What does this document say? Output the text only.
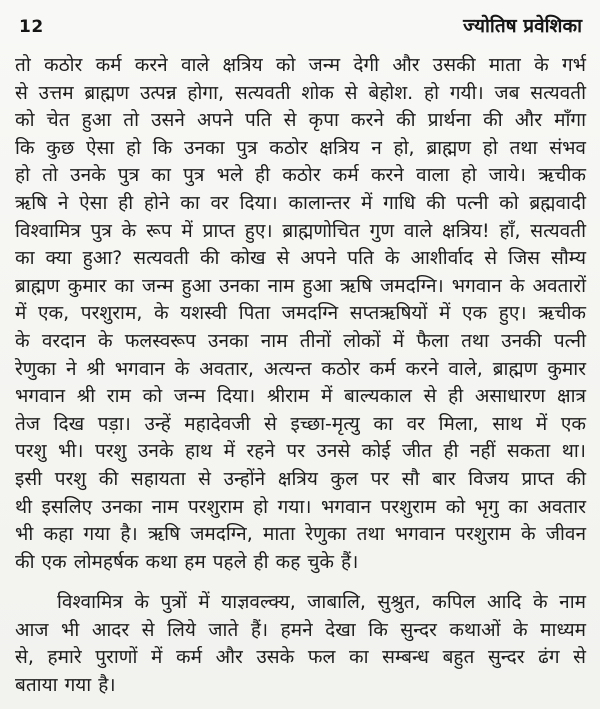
12	ज्योतिष प्रवेशिका
तो कठोर कर्म करने वाले क्षत्रिय को जन्म देगी और उसकी माता के गर्भ
से उत्तम ब्राह्मण उत्पन्न होगा, सत्यवती शोक से बेहोश. हो गयी। जब सत्यवती
को चेत हुआ तो उसने अपने पति से कृपा करने की प्रार्थना की और माँगा
कि कुछ ऐसा हो कि उनका पुत्र कठोर क्षत्रिय न हो, ब्राह्मण हो तथा संभव
हो तो उनके पुत्र का पुत्र भले ही कठोर कर्म करने वाला हो जाये। ऋचीक
ऋषि ने ऐसा ही होने का वर दिया। कालान्तर में गाधि की पत्नी को ब्रह्मवादी
विश्वामित्र पुत्र के रूप में प्राप्त हुए। ब्राह्मणोचित गुण वाले क्षत्रिय! हाँ, सत्यवती
का क्या हुआ? सत्यवती की कोख से अपने पति के आशीर्वाद से जिस सौम्य
ब्राह्मण कुमार का जन्म हुआ उनका नाम हुआ ऋषि जमदग्नि। भगवान के अवतारों
में एक, परशुराम, के यशस्वी पिता जमदग्नि सप्तऋषियों में एक हुए। ऋचीक
के वरदान के फलस्वरूप उनका नाम तीनों लोकों में फैला तथा उनकी पत्नी
रेणुका ने श्री भगवान के अवतार, अत्यन्त कठोर कर्म करने वाले, ब्राह्मण कुमार
भगवान श्री राम को जन्म दिया। श्रीराम में बाल्यकाल से ही असाधारण क्षात्र
तेज दिख पड़ा। उन्हें महादेवजी से इच्छा-मृत्यु का वर मिला, साथ में एक
परशु भी। परशु उनके हाथ में रहने पर उनसे कोई जीत ही नहीं सकता था।
इसी परशु की सहायता से उन्होंने क्षत्रिय कुल पर सौ बार विजय प्राप्त की
थी इसलिए उनका नाम परशुराम हो गया। भगवान परशुराम को भृगु का अवतार
भी कहा गया है। ऋषि जमदग्नि, माता रेणुका तथा भगवान परशुराम के जीवन
की एक लोमहर्षक कथा हम पहले ही कह चुके हैं।
विश्वामित्र के पुत्रों में याज्ञवल्क्य, जाबालि, सुश्रुत, कपिल आदि के नाम
आज भी आदर से लिये जाते हैं। हमने देखा कि सुन्दर कथाओं के माध्यम
से, हमारे पुराणों में कर्म और उसके फल का सम्बन्ध बहुत सुन्दर ढंग से
बताया गया है।
